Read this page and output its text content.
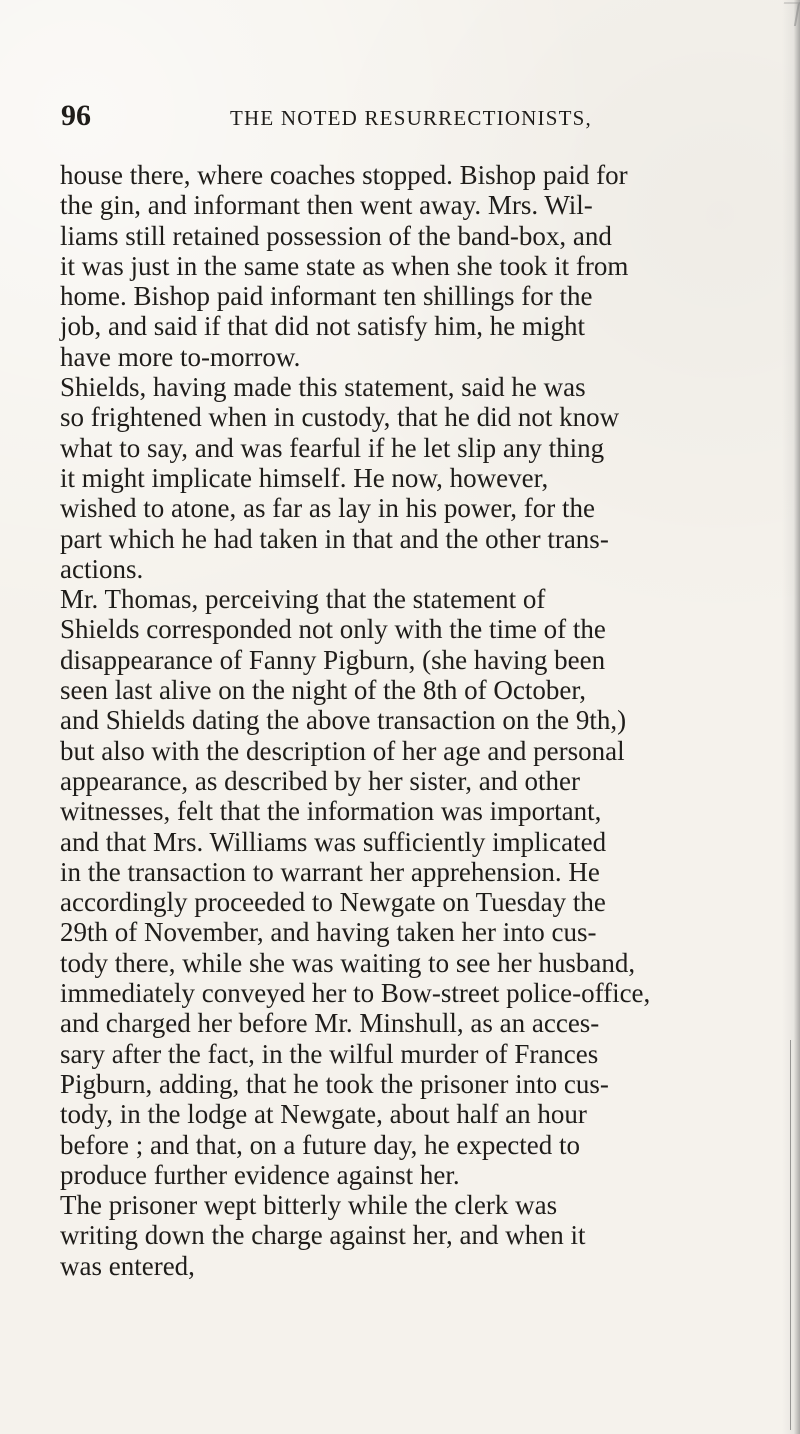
96	THE NOTED RESURRECTIONISTS,
house there, where coaches stopped. Bishop paid for
the gin, and informant then went away. Mrs. Wil-
liams still retained possession of the band-box, and
it was just in the same state as when she took it from
home. Bishop paid informant ten shillings for the
job, and said if that did not satisfy him, he might
have more to-morrow.
Shields, having made this statement, said he was
so frightened when in custody, that he did not know
what to say, and was fearful if he let slip any thing
it might implicate himself. He now, however,
wished to atone, as far as lay in his power, for the
part which he had taken in that and the other trans-
actions.
Mr. Thomas, perceiving that the statement of
Shields corresponded not only with the time of the
disappearance of Fanny Pigburn, (she having been
seen last alive on the night of the 8th of October,
and Shields dating the above transaction on the 9th,)
but also with the description of her age and personal
appearance, as described by her sister, and other
witnesses, felt that the information was important,
and that Mrs. Williams was sufficiently implicated
in the transaction to warrant her apprehension. He
accordingly proceeded to Newgate on Tuesday the
29th of November, and having taken her into cus-
tody there, while she was waiting to see her husband,
immediately conveyed her to Bow-street police-office,
and charged her before Mr. Minshull, as an acces-
sary after the fact, in the wilful murder of Frances
Pigburn, adding, that he took the prisoner into cus-
tody, in the lodge at Newgate, about half an hour
before ; and that, on a future day, he expected to
produce further evidence against her.
The prisoner wept bitterly while the clerk was
writing down the charge against her, and when it
was entered,
